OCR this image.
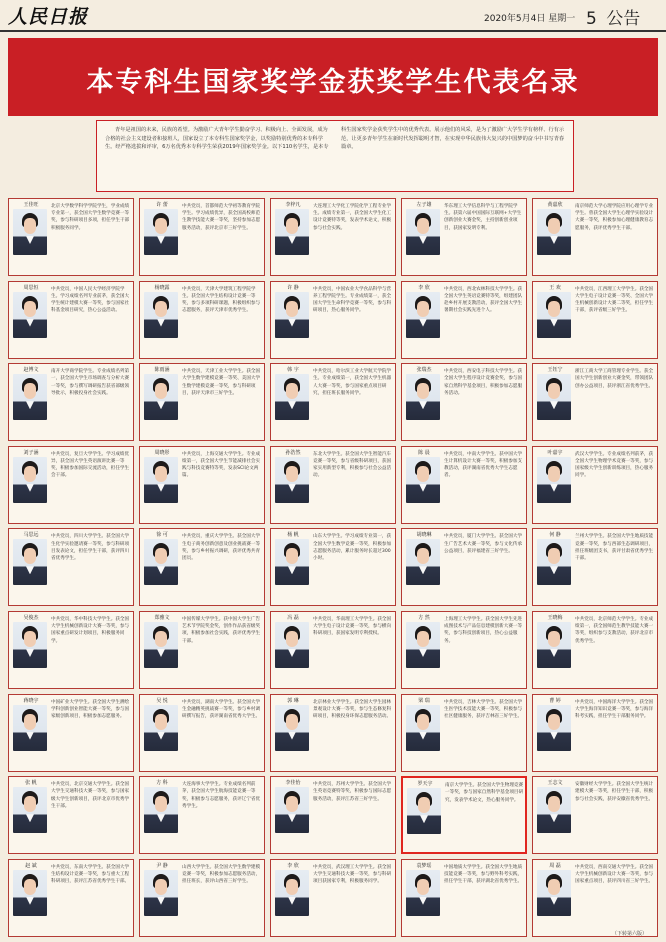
人民日报	2020年5月4日 星期一 5 公告
本专科生国家奖学金获奖学生代表名录
青年是祖国的未来，民族的希望。为激励广大青年学生勤奋学习、积极向上、全面发展，成为合格的社会主义建设者和接班人，国家设立了本专科生国家奖学金，以奖励特别优秀的本专科学生。经严格选拔和评审，6万名优秀本专科学生荣获2019年国家奖学金。以下110名学生，是本专科生国家奖学金获奖学生中的优秀代表。展示他们的风采，是为了激励广大学生学有榜样、行有示范，让更多青年学生在新时代发挥聪明才智，在实现中华民族伟大复兴的中国梦的奋斗中书写青春篇章。
王佳旺	北京大学数学科学学院学生，学业成绩专业第一，获全国大学生数学竞赛一等奖，参与科研项目多项，担任学生干部积极服务同学。
许 蕾	中共党员，首都师范大学初等教育学院学生。学习成绩优异，获全国高校师范生教学技能大赛一等奖，坚持参加志愿服务活动，获评北京市三好学生。
李梓凡	大连理工大学化工学院化学工程专业学生。成绩专业第一，获全国大学生化工设计竞赛特等奖，发表学术论文，积极参与社会实践。
左子雄	华东理工大学信息科学与工程学院学生。获第六届中国国际互联网+大学生创新创业大赛金奖，主持创新创业项目，获国家发明专利。
黄嘉欣	南京师范大学心理学院应用心理学专业学生。曾获全国大学生心理学实验设计大赛一等奖，积极参加心理健康教育志愿服务，获评优秀学生干部。
周思恒	中共党员，中国人民大学经济学院学生。学习成绩名列专业前茅，获全国大学生统计建模大赛一等奖，参与国家社科基金项目研究，热心公益活动。
杨晓露	中共党员，天津大学建筑工程学院学生。获全国大学生结构设计竞赛一等奖，参与多项科研课题，积极组织参与志愿服务，获评天津市优秀学生。
许 静	中共党员，中国农业大学食品科学与营养工程学院学生。专业成绩第一，获全国大学生生命科学竞赛一等奖，参与科研项目，热心服务同学。
李 欣	中共党员，西北农林科技大学学生。获全国大学生英语竞赛特等奖，组建团队赴乡村开展支教活动，获评全国大学生暑期社会实践先进个人。
王 欢	中共党员，江西理工大学学生。获全国大学生电子设计竞赛一等奖、全国大学生机械创新设计大赛二等奖，担任学生干部，获评省级三好学生。
赵博文	南开大学商学院学生。专业成绩名列第一，获全国大学生市场调查与分析大赛一等奖，参与撰写调研报告获省部级领导批示，积极投身社会实践。
陈雨涵	中共党员，天津工业大学学生。获全国大学生数学建模竞赛一等奖、美国大学生数学建模竞赛一等奖，参与科研项目，获评天津市三好学生。
韩 宇	中共党员，哈尔滨工业大学航天学院学生。专业成绩第一，获全国大学生机器人大赛一等奖，参与国家重点项目研究，担任班长服务同学。
张瑞杰	中共党员，西安电子科技大学学生。获全国大学生程序设计竞赛金奖，参与国家自然科学基金项目，积极参加志愿服务活动。
王钰宁	浙江工商大学工商管理专业学生。获全国大学生创新创业大赛金奖，带领团队创办公益项目，获评浙江省优秀学生。
刘子涵	中共党员，复旦大学学生。学习成绩优异，获全国大学生英语演讲比赛一等奖，积极参加国际交流活动，担任学生会干部。
周晓彤	中共党员，上海交通大学学生。专业成绩第一，获全国大学生节能减排社会实践与科技竞赛特等奖，发表SCI论文两篇。
孙浩然	东北大学学生。获全国大学生智能汽车竞赛一等奖，参与省级科研项目，获国家实用新型专利，积极参与社会公益活动。
陈 晨	中共党员，中南大学学生。获中国大学生计算机设计大赛一等奖，积极参加支教活动，获评湖南省优秀大学生志愿者。
叶嘉宇	武汉大学学生。专业成绩名列前茅，获全国大学生物理学术竞赛一等奖，参与国家级大学生创新训练项目，热心服务同学。
马思远	中共党员，四川大学学生。获全国大学生化学实验邀请赛一等奖，参与科研项目发表论文，担任学生干部，获评四川省优秀学生。
徐 可	中共党员，重庆大学学生。获全国大学生电子商务创新创意及创业挑战赛一等奖，参与乡村振兴调研，获评优秀共青团员。
杨 帆	山东大学学生。学习成绩专业第一，获全国大学生数学竞赛一等奖，积极参加志愿服务活动，累计服务时长超过300小时。
胡晓琳	中共党员，厦门大学学生。获全国大学生广告艺术大赛一等奖，参与文化传承公益项目，获评福建省三好学生。
何 静	兰州大学学生。获全国大学生地质技能竞赛一等奖，参与西部生态调研项目，担任班级团支书，获评甘肃省优秀学生干部。
吴俊杰	中共党员，华中科技大学学生。获全国大学生机械创新设计大赛一等奖，参与国家重点研发计划项目，积极服务同学。
郑雅文	中国传媒大学学生。获中国大学生广告艺术节学院奖金奖，创作作品获省级奖项，积极参加社会实践，获评优秀学生干部。
冯 磊	中共党员，华南理工大学学生。获全国大学生电子设计竞赛一等奖，参与横向科研项目，获国家发明专利授权。
方 然	上海理工大学学生。获全国大学生先进成图技术与产品信息建模创新大赛一等奖，参与科技创新项目，热心公益服务。
王晓梅	中共党员，北京师范大学学生。专业成绩第一，获全国师范生教学技能大赛一等奖，组织参与支教活动，获评北京市优秀学生。
蒋晓宇	中国矿业大学学生。获全国大学生测绘学科创新创业智能大赛一等奖，参与国家级创新项目，积极参加志愿服务。
吴 悦	中共党员，湖南大学学生。获全国大学生金融精英挑战赛一等奖，参与乡村调研撰写报告，获评湖南省优秀大学生。
郭 琳	北京林业大学学生。获全国大学生园林景观设计大赛一等奖，参与生态修复科研项目，积极投身环保志愿服务活动。
梁 瑞	中共党员，吉林大学学生。获全国大学生医学技术技能大赛一等奖，积极参与社区健康服务，获评吉林省三好学生。
曹 婷	中共党员，中国海洋大学学生。获全国大学生海洋知识竞赛一等奖，参与海洋科考实践，担任学生干部服务同学。
张 帆	中共党员，北京交通大学学生。获全国大学生交通科技大赛一等奖，参与国家级大学生创新项目，获评北京市优秀学生干部。
方 科	大连海事大学学生。专业成绩名列前茅，获全国大学生航海技能竞赛一等奖，积极参与志愿服务，获评辽宁省优秀学生。
李佳怡	中共党员，苏州大学学生。获全国大学生英语竞赛特等奖，积极参与国际志愿服务活动，获评江苏省三好学生。
罗天宇	南京大学学生。获全国大学生物理竞赛一等奖，参与国家自然科学基金项目研究，发表学术论文，热心服务同学。
王志文	安徽财经大学学生。获全国大学生统计建模大赛一等奖，担任学生干部，积极参与社会实践，获评安徽省优秀学生。
赵 斌	中共党员，东南大学学生。获全国大学生结构设计竞赛一等奖，参与重大工程科研项目，获评江苏省优秀学生干部。
尹 静	山西大学学生。获全国大学生数学建模竞赛一等奖，积极参加志愿服务活动，担任班长，获评山西省三好学生。
李 欣	中共党员，武汉理工大学学生。获全国大学生交通科技大赛一等奖，参与科研项目获国家专利，积极服务同学。
袁梦瑶	中国地质大学学生。获全国大学生地质技能竞赛一等奖，参与野外科考实践，担任学生干部，获评湖北省优秀学生。
周 磊	中共党员，西南交通大学学生。获全国大学生机械创新设计大赛一等奖，参与国家重点项目，获评四川省三好学生。
（下转第六版）
